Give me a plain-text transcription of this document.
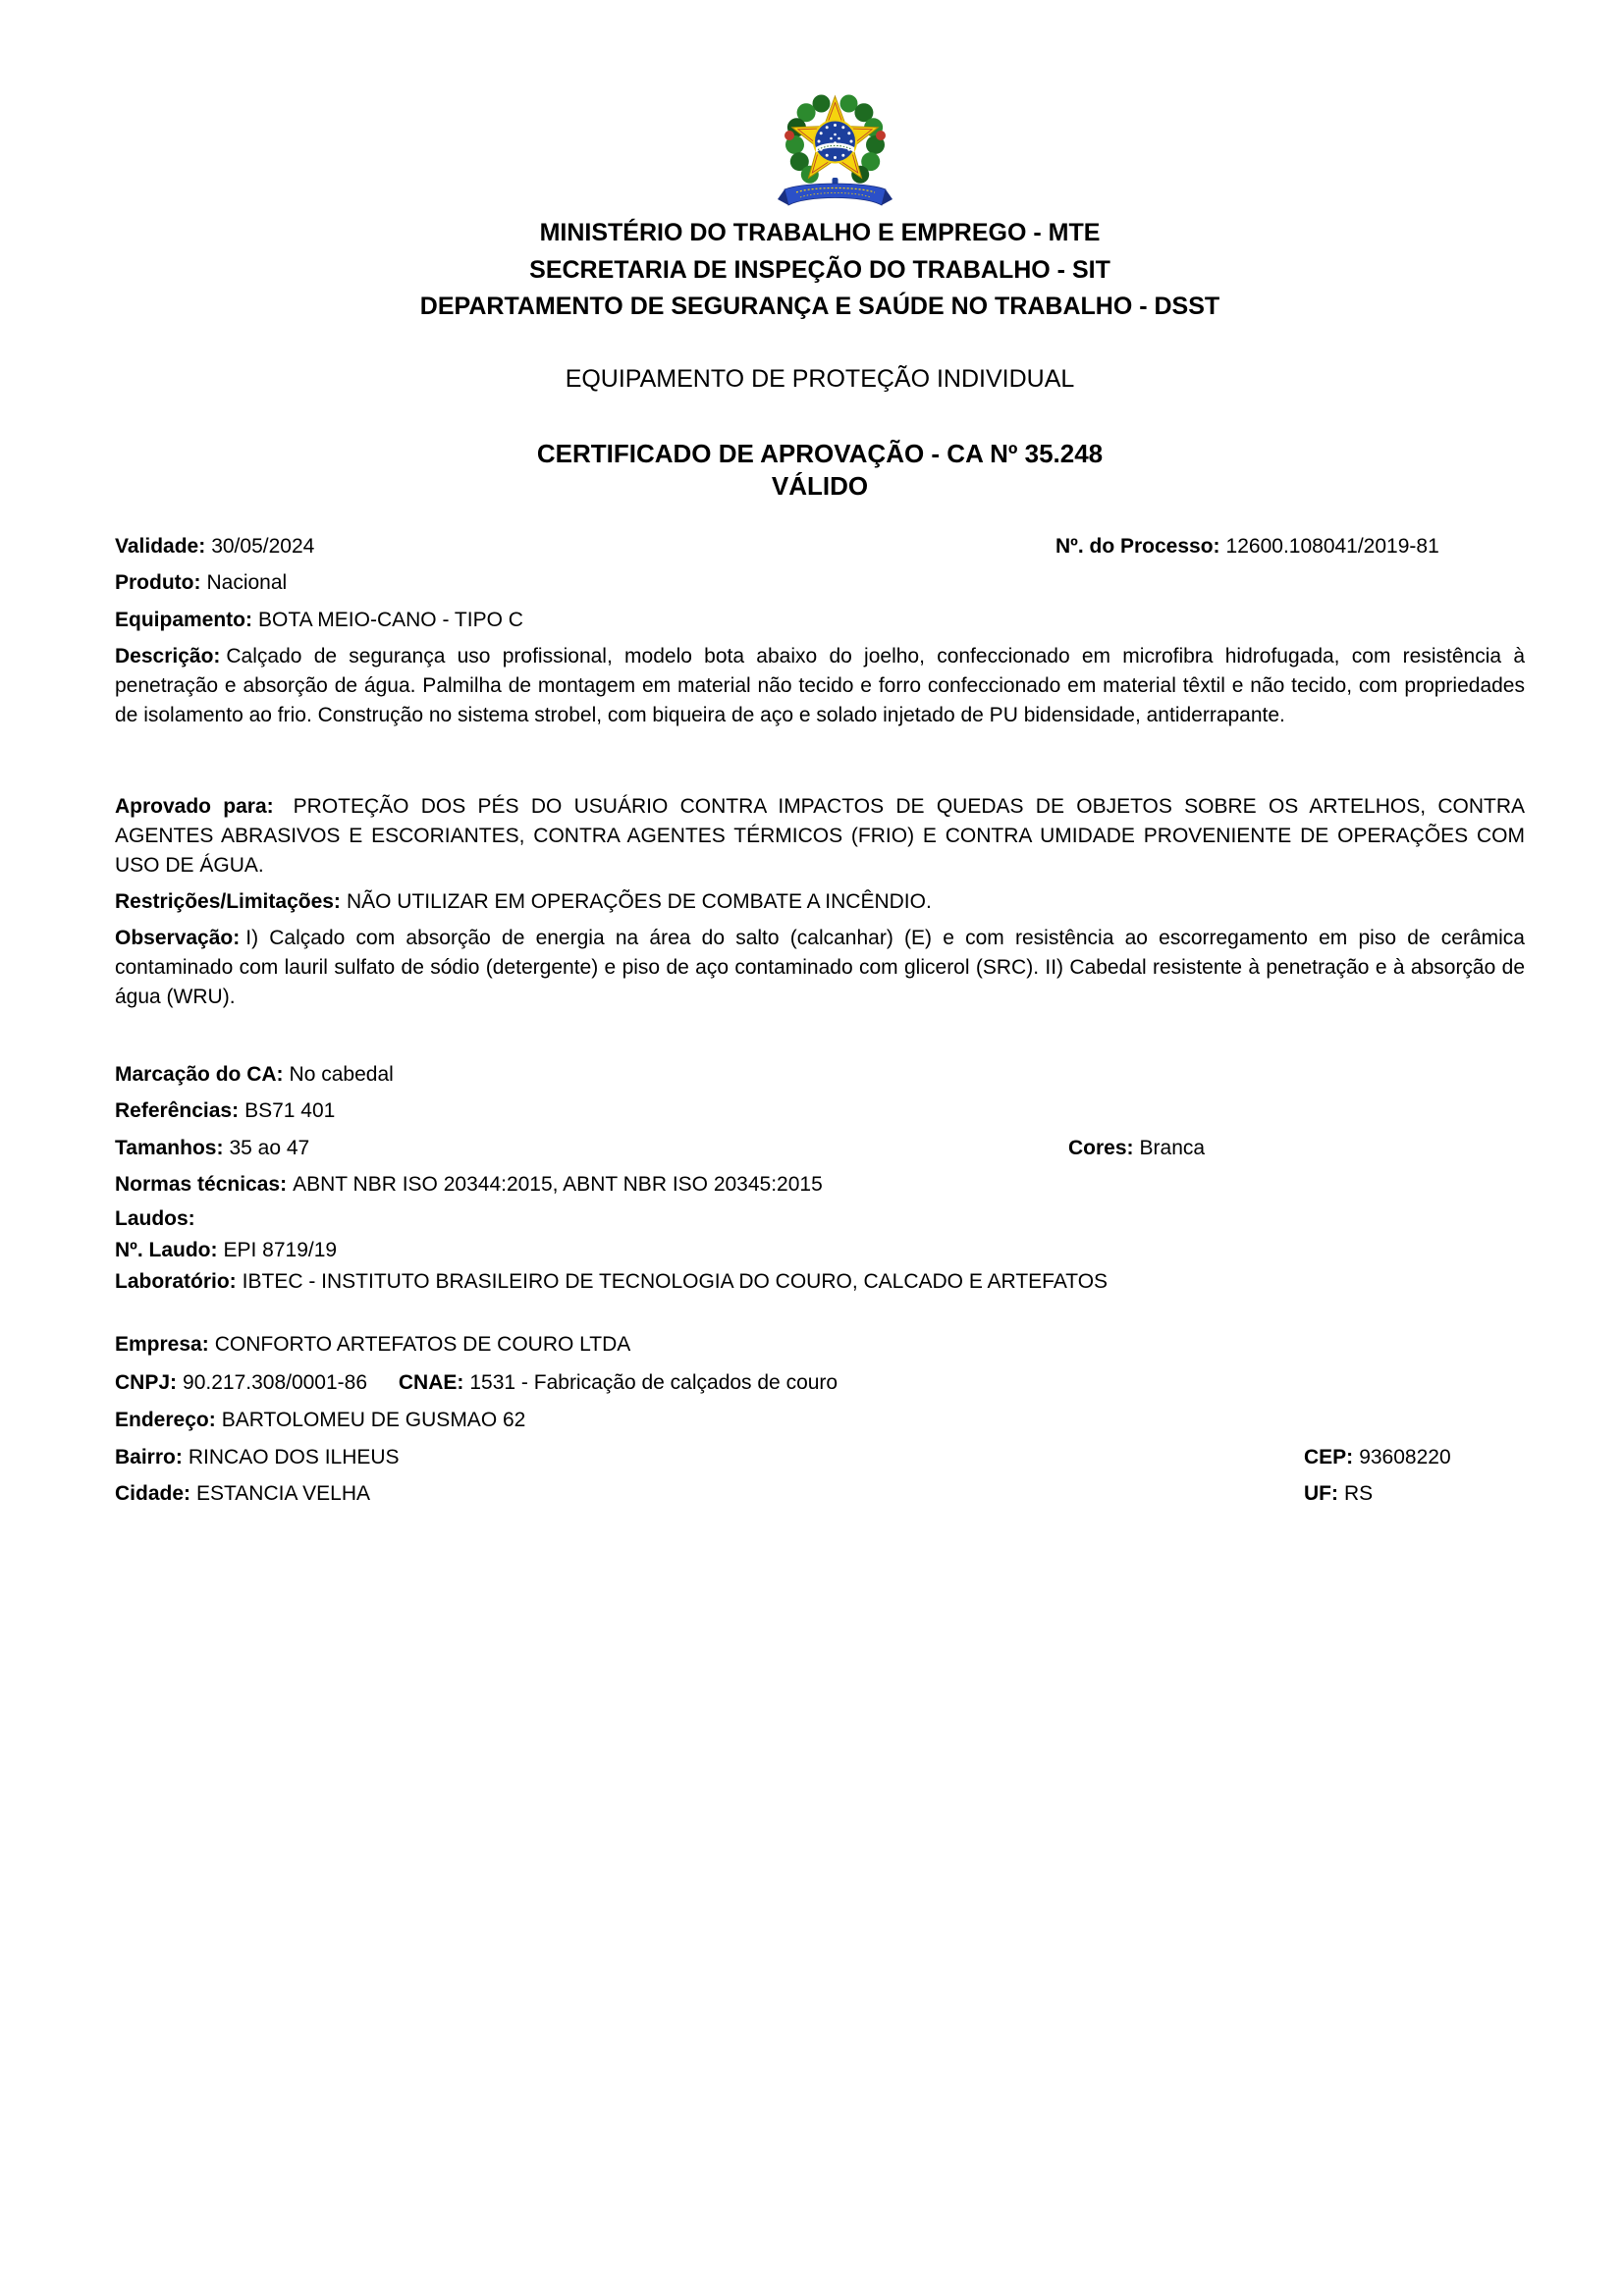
MINISTÉRIO DO TRABALHO E EMPREGO - MTE
SECRETARIA DE INSPEÇÃO DO TRABALHO - SIT
DEPARTAMENTO DE SEGURANÇA E SAÚDE NO TRABALHO - DSST
EQUIPAMENTO DE PROTEÇÃO INDIVIDUAL
CERTIFICADO DE APROVAÇÃO - CA Nº 35.248
VÁLIDO
Validade: 30/05/2024	Nº. do Processo: 12600.108041/2019-81
Produto: Nacional
Equipamento: BOTA MEIO-CANO - TIPO C
Descrição: Calçado de segurança uso profissional, modelo bota abaixo do joelho, confeccionado em microfibra hidrofugada, com resistência à penetração e absorção de água. Palmilha de montagem em material não tecido e forro confeccionado em material têxtil e não tecido, com propriedades de isolamento ao frio. Construção no sistema strobel, com biqueira de aço e solado injetado de PU bidensidade, antiderrapante.
Aprovado para: PROTEÇÃO DOS PÉS DO USUÁRIO CONTRA IMPACTOS DE QUEDAS DE OBJETOS SOBRE OS ARTELHOS, CONTRA AGENTES ABRASIVOS E ESCORIANTES, CONTRA AGENTES TÉRMICOS (FRIO) E CONTRA UMIDADE PROVENIENTE DE OPERAÇÕES COM USO DE ÁGUA.
Restrições/Limitações: NÃO UTILIZAR EM OPERAÇÕES DE COMBATE A INCÊNDIO.
Observação: I) Calçado com absorção de energia na área do salto (calcanhar) (E) e com resistência ao escorregamento em piso de cerâmica contaminado com lauril sulfato de sódio (detergente) e piso de aço contaminado com glicerol (SRC). II) Cabedal resistente à penetração e à absorção de água (WRU).
Marcação do CA: No cabedal
Referências: BS71 401
Tamanhos: 35 ao 47	Cores: Branca
Normas técnicas: ABNT NBR ISO 20344:2015, ABNT NBR ISO 20345:2015
Laudos:
Nº. Laudo: EPI 8719/19
Laboratório: IBTEC - INSTITUTO BRASILEIRO DE TECNOLOGIA DO COURO, CALCADO E ARTEFATOS
Empresa: CONFORTO ARTEFATOS DE COURO LTDA
CNPJ: 90.217.308/0001-86 CNAE: 1531 - Fabricação de calçados de couro
Endereço: BARTOLOMEU DE GUSMAO 62
Bairro: RINCAO DOS ILHEUS	CEP: 93608220
Cidade: ESTANCIA VELHA	UF: RS
